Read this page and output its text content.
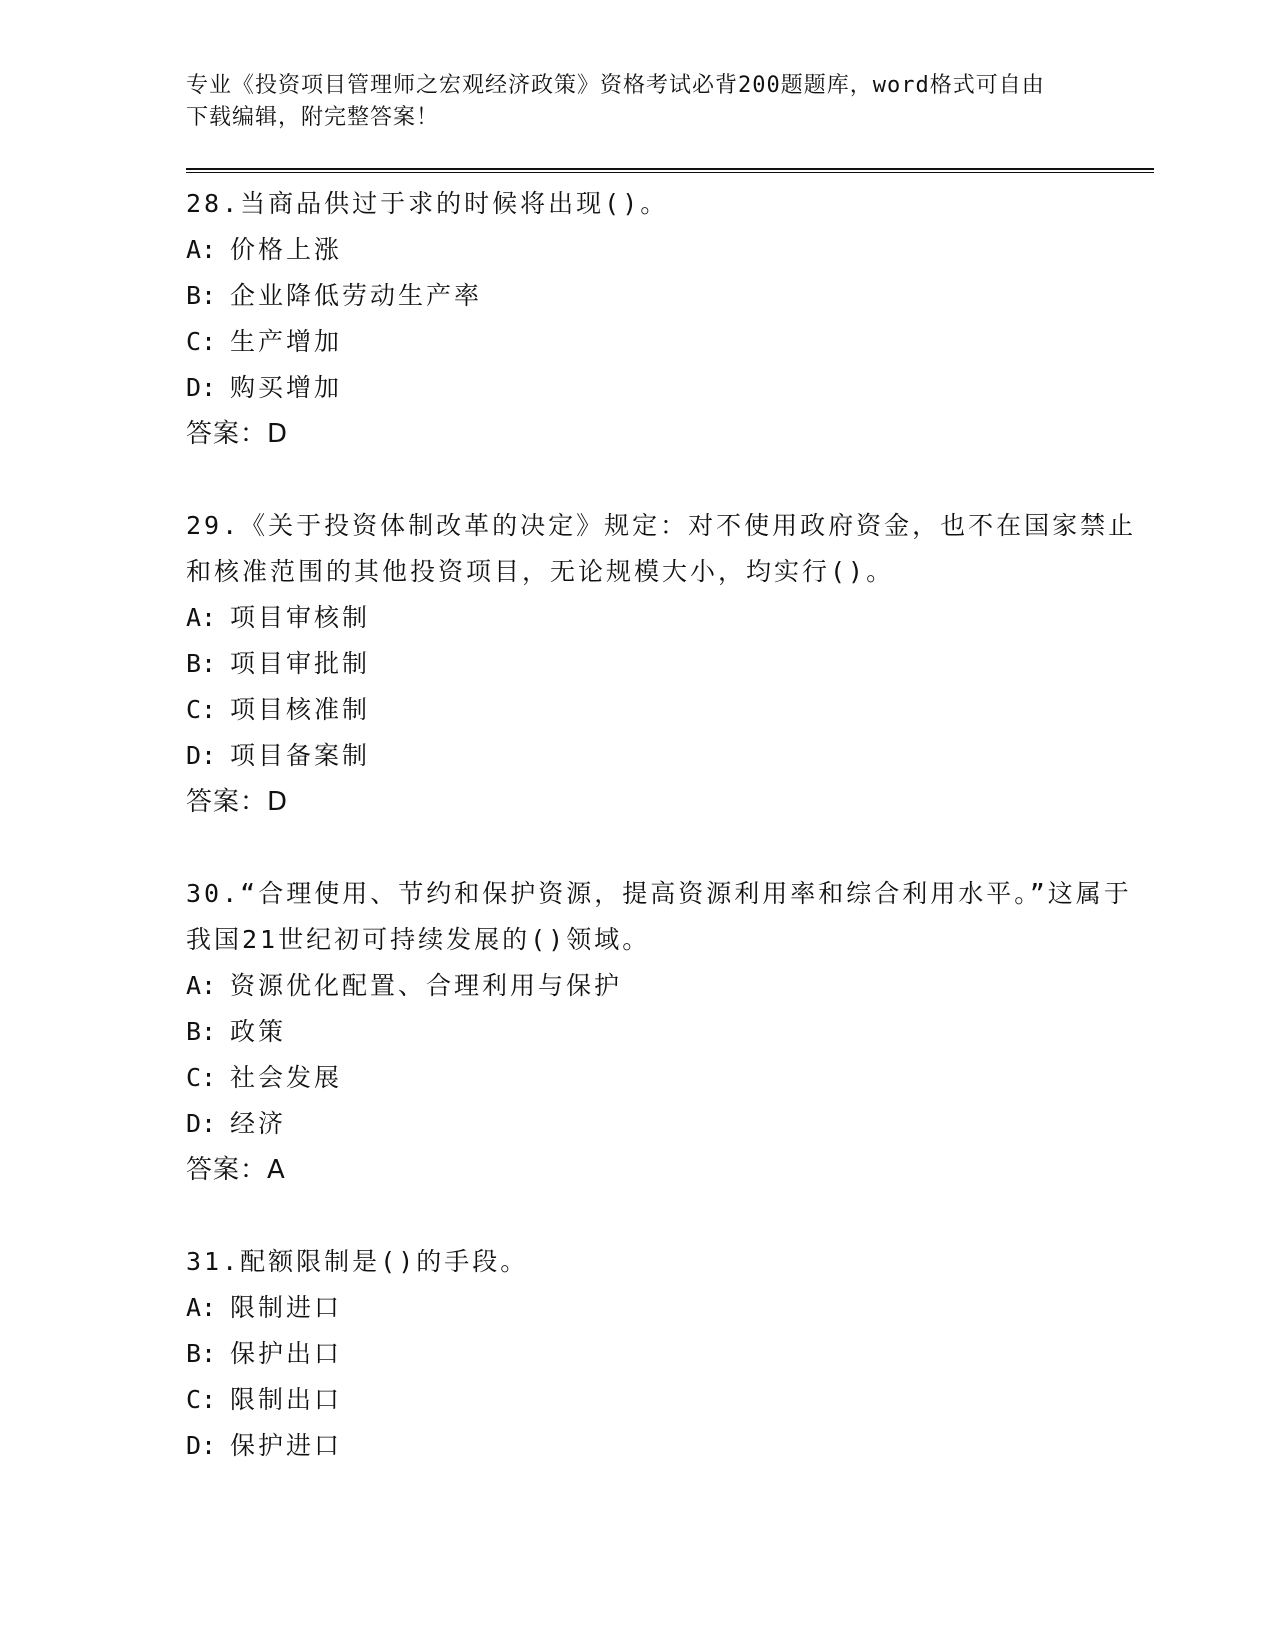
专业《投资项目管理师之宏观经济政策》资格考试必背200题题库，word格式可自由下载编辑，附完整答案！

28.当商品供过于求的时候将出现()。

A: 价格上涨
B: 企业降低劳动生产率
C: 生产增加
D: 购买增加

答案：D

29.《关于投资体制改革的决定》规定：对不使用政府资金，也不在国家禁止和核准范围的其他投资项目，无论规模大小，均实行()。

A: 项目审核制
B: 项目审批制
C: 项目核准制
D: 项目备案制

答案：D

30.“合理使用、节约和保护资源，提高资源利用率和综合利用水平。”这属于我国21世纪初可持续发展的()领域。

A: 资源优化配置、合理利用与保护
B: 政策
C: 社会发展
D: 经济

答案：A

31.配额限制是()的手段。

A: 限制进口
B: 保护出口
C: 限制出口
D: 保护进口
